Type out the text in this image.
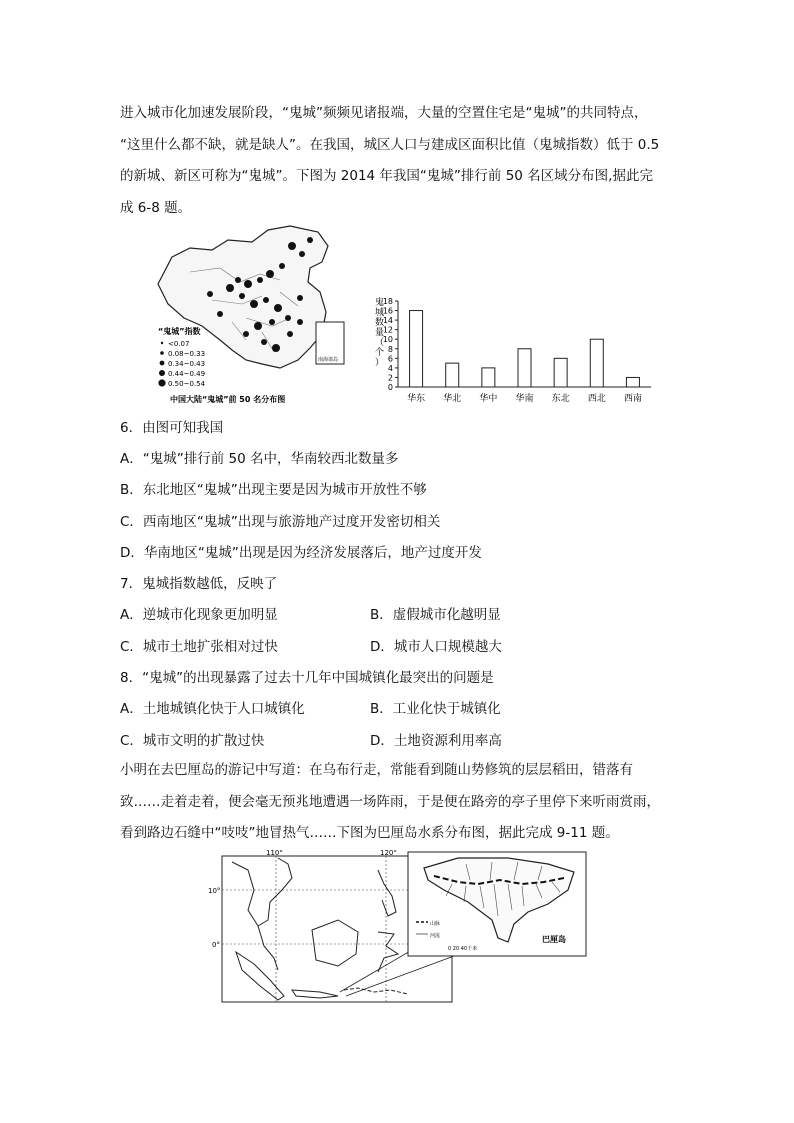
进入城市化加速发展阶段，“鬼城”频频见诸报端，大量的空置住宅是“鬼城”的共同特点，
“这里什么都不缺，就是缺人”。在我国，城区人口与建成区面积比值（鬼城指数）低于 0.5
的新城、新区可称为“鬼城”。下图为 2014 年我国“鬼城”排行前 50 名区域分布图,据此完
成 6-8 题。
“鬼城”指数
<0.07
0.08~0.33
0.34~0.43
0.44~0.49
0.50~0.54
南海诸岛
中国大陆“鬼城”前 50 名分布图
鬼城数量（个）
0
2
4
6
8
10
12
14
16
18
华东 华北 华中 华南 东北 西北 西南
6．由图可知我国
A．“鬼城”排行前 50 名中，华南较西北数量多
B．东北地区“鬼城”出现主要是因为城市开放性不够
C．西南地区“鬼城”出现与旅游地产过度开发密切相关
D．华南地区“鬼城”出现是因为经济发展落后，地产过度开发
7．鬼城指数越低，反映了
A．逆城市化现象更加明显	B．虚假城市化越明显
C．城市土地扩张相对过快	D．城市人口规模越大
8．“鬼城”的出现暴露了过去十几年中国城镇化最突出的问题是
A．土地城镇化快于人口城镇化	B．工业化快于城镇化
C．城市文明的扩散过快	D．土地资源利用率高
小明在去巴厘岛的游记中写道：在乌布行走，常能看到随山势修筑的层层稻田，错落有
致……走着走着，便会毫无预兆地遭遇一场阵雨，于是便在路旁的亭子里停下来听雨赏雨，
看到路边石缝中“吱吱”地冒热气……下图为巴厘岛水系分布图，据此完成 9-11 题。
110°	120°
10°
0°
巴厘岛
山脉
河流
0 20 40千米
